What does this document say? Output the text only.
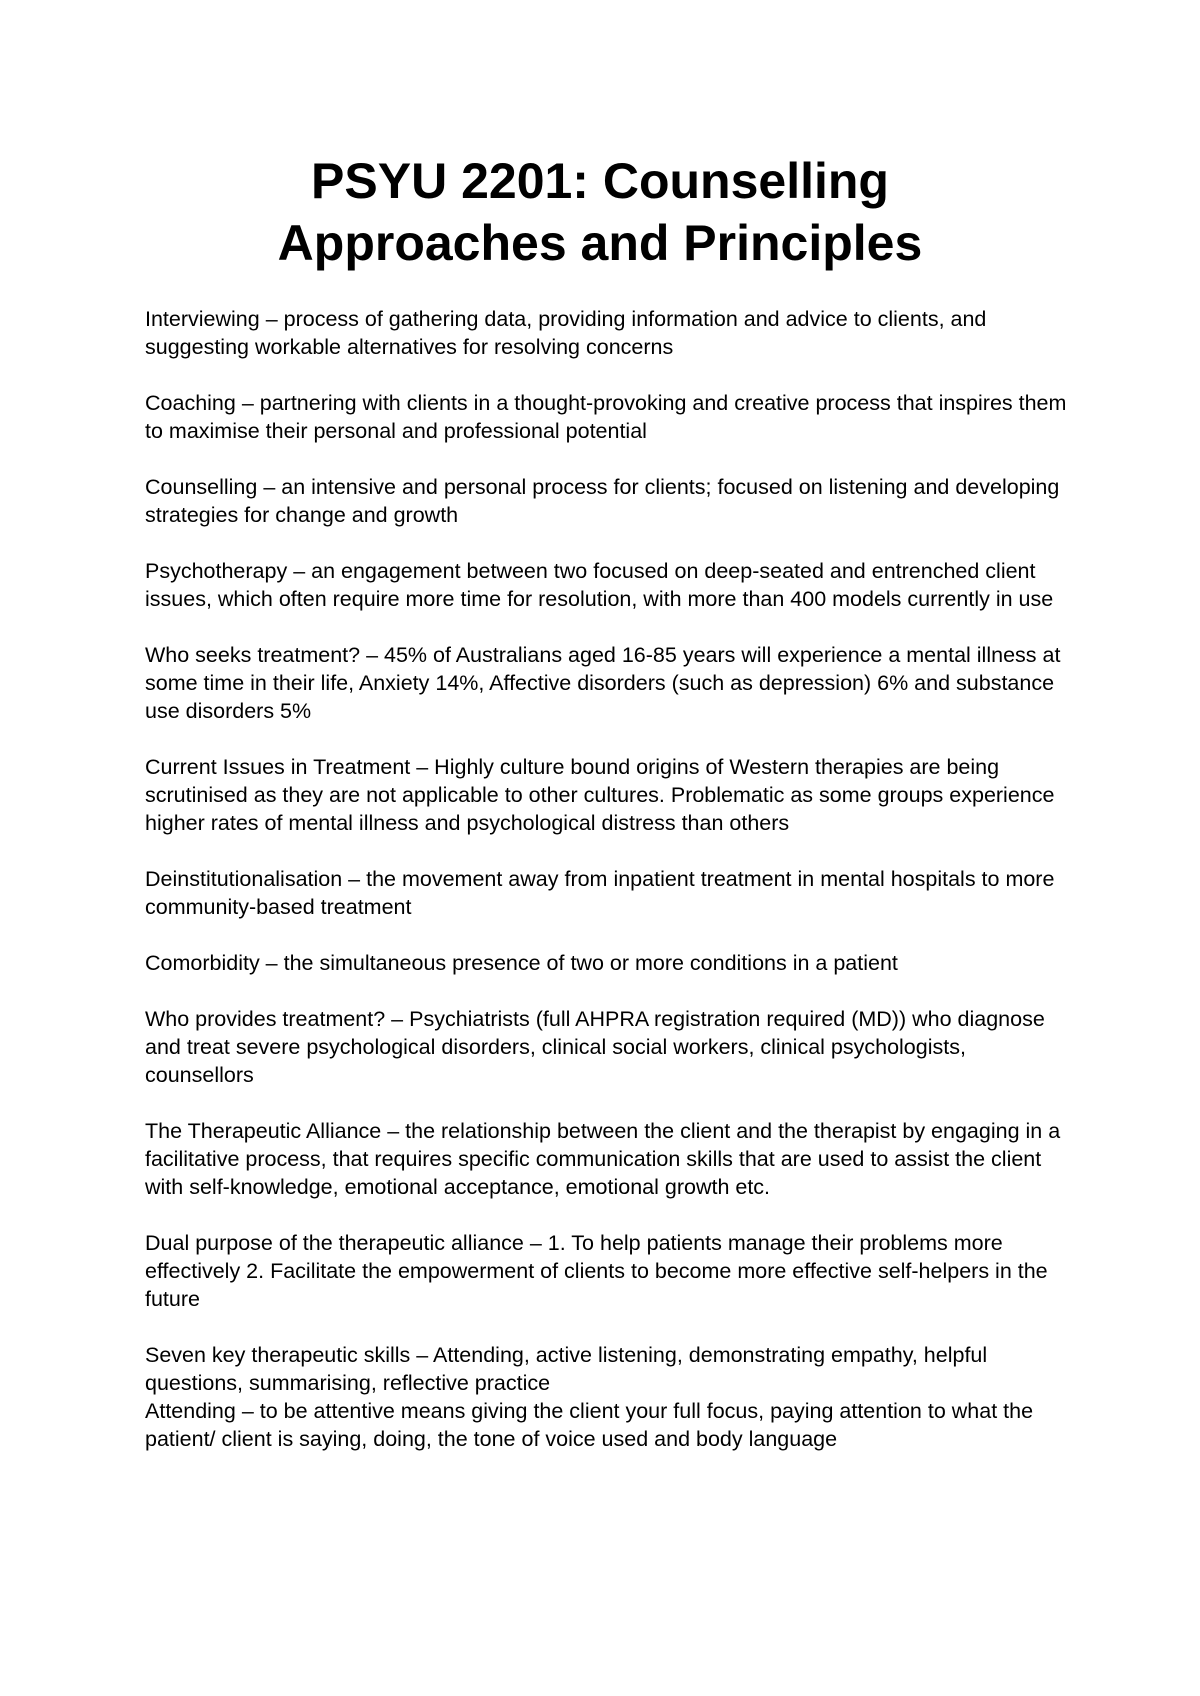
PSYU 2201: Counselling
Approaches and Principles

Interviewing – process of gathering data, providing information and advice to clients, and suggesting workable alternatives for resolving concerns

Coaching – partnering with clients in a thought-provoking and creative process that inspires them to maximise their personal and professional potential

Counselling – an intensive and personal process for clients; focused on listening and developing strategies for change and growth

Psychotherapy – an engagement between two focused on deep-seated and entrenched client issues, which often require more time for resolution, with more than 400 models currently in use

Who seeks treatment? – 45% of Australians aged 16-85 years will experience a mental illness at some time in their life, Anxiety 14%, Affective disorders (such as depression) 6% and substance use disorders 5%

Current Issues in Treatment – Highly culture bound origins of Western therapies are being scrutinised as they are not applicable to other cultures. Problematic as some groups experience higher rates of mental illness and psychological distress than others

Deinstitutionalisation – the movement away from inpatient treatment in mental hospitals to more community-based treatment

Comorbidity – the simultaneous presence of two or more conditions in a patient

Who provides treatment? – Psychiatrists (full AHPRA registration required (MD)) who diagnose and treat severe psychological disorders, clinical social workers, clinical psychologists, counsellors

The Therapeutic Alliance – the relationship between the client and the therapist by engaging in a facilitative process, that requires specific communication skills that are used to assist the client with self-knowledge, emotional acceptance, emotional growth etc.

Dual purpose of the therapeutic alliance – 1. To help patients manage their problems more effectively 2. Facilitate the empowerment of clients to become more effective self-helpers in the future

Seven key therapeutic skills – Attending, active listening, demonstrating empathy, helpful questions, summarising, reflective practice

Attending – to be attentive means giving the client your full focus, paying attention to what the patient/ client is saying, doing, the tone of voice used and body language
